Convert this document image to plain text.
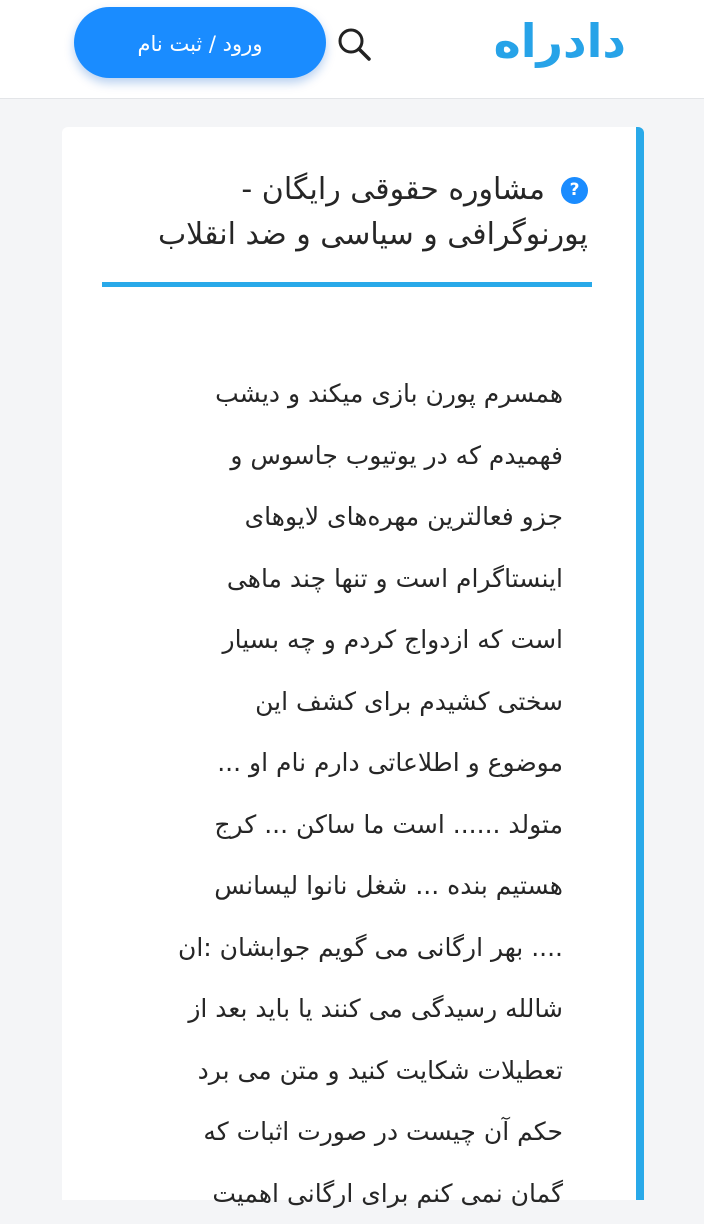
دادراه
ورود / ثبت نام
?مشاوره حقوقی رایگان -
پورنوگرافی و سیاسی و ضد انقلاب
همسرم پورن بازی میکند و دیشب
فهمیدم که در یوتیوب جاسوس و
جزو فعالترین مهره‌های لایوهای
اینستاگرام است و تنها چند ماهی
است که ازدواج کردم و چه بسیار
سختی کشیدم برای کشف این
موضوع و اطلاعاتی دارم نام او ...
متولد ...... است ما ساکن ... کرج
هستیم بنده ... شغل نانوا لیسانس
.... بهر ارگانی می گویم جوابشان :ان
شالله رسیدگی می کنند یا باید بعد از
تعطیلات شکایت کنید و متن می برد
حکم آن چیست در صورت اثبات که
گمان نمی کنم برای ارگانی اهمیت
